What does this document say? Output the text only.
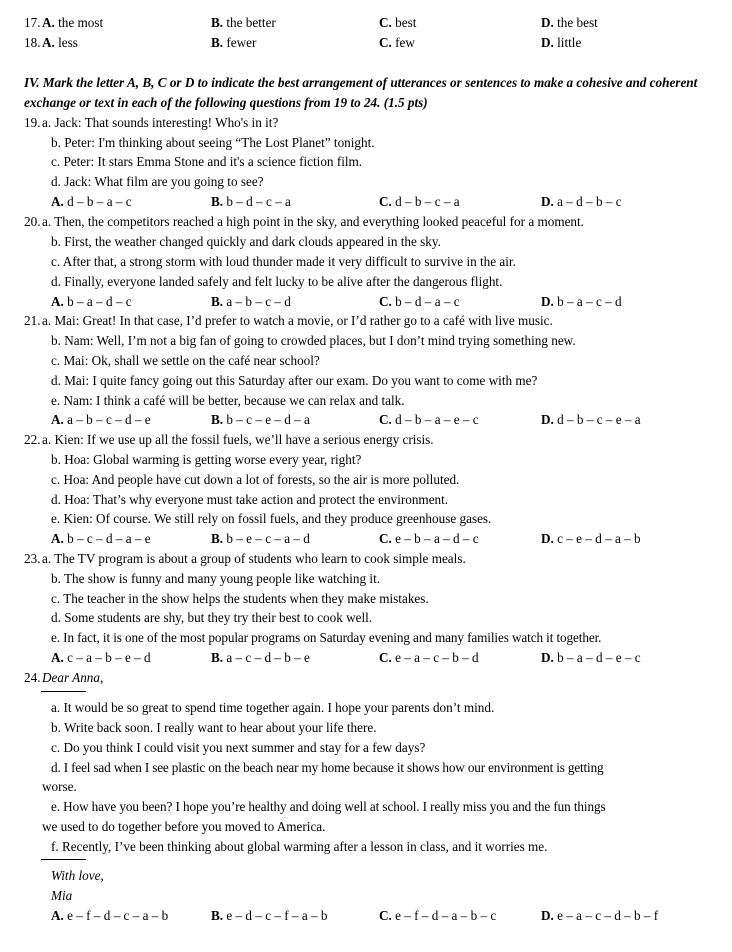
17. A. the most	B. the better	C. best	D. the best
18. A. less	B. fewer	C. few	D. little
IV. Mark the letter A, B, C or D to indicate the best arrangement of utterances or sentences to make a cohesive and coherent exchange or text in each of the following questions from 19 to 24. (1.5 pts)
19. a. Jack: That sounds interesting! Who's in it?
b. Peter: I'm thinking about seeing “The Lost Planet” tonight.
c. Peter: It stars Emma Stone and it's a science fiction film.
d. Jack: What film are you going to see?
A. d – b – a – c	B. b – d – c – a	C. d – b – c – a	D. a – d – b – c
20. a. Then, the competitors reached a high point in the sky, and everything looked peaceful for a moment.
b. First, the weather changed quickly and dark clouds appeared in the sky.
c. After that, a strong storm with loud thunder made it very difficult to survive in the air.
d. Finally, everyone landed safely and felt lucky to be alive after the dangerous flight.
A. b – a – d – c	B. a – b – c – d	C. b – d – a – c	D. b – a – c – d
21. a. Mai: Great! In that case, I’d prefer to watch a movie, or I’d rather go to a café with live music.
b. Nam: Well, I’m not a big fan of going to crowded places, but I don’t mind trying something new.
c. Mai: Ok, shall we settle on the café near school?
d. Mai: I quite fancy going out this Saturday after our exam. Do you want to come with me?
e. Nam: I think a café will be better, because we can relax and talk.
A. a – b – c – d – e	B. b – c – e – d – a	C. d – b – a – e – c	D. d – b – c – e – a
22. a. Kien: If we use up all the fossil fuels, we’ll have a serious energy crisis.
b. Hoa: Global warming is getting worse every year, right?
c. Hoa: And people have cut down a lot of forests, so the air is more polluted.
d. Hoa: That’s why everyone must take action and protect the environment.
e. Kien: Of course. We still rely on fossil fuels, and they produce greenhouse gases.
A. b – c – d – a – e	B. b – e – c – a – d	C. e – b – a – d – c	D. c – e – d – a – b
23. a. The TV program is about a group of students who learn to cook simple meals.
b. The show is funny and many young people like watching it.
c. The teacher in the show helps the students when they make mistakes.
d. Some students are shy, but they try their best to cook well.
e. In fact, it is one of the most popular programs on Saturday evening and many families watch it together.
A. c – a – b – e – d	B. a – c – d – b – e	C. e – a – c – b – d	D. b – a – d – e – c
24. Dear Anna,
a. It would be so great to spend time together again. I hope your parents don’t mind.
b. Write back soon. I really want to hear about your life there.
c. Do you think I could visit you next summer and stay for a few days?
d. I feel sad when I see plastic on the beach near my home because it shows how our environment is getting
worse.
e. How have you been? I hope you’re healthy and doing well at school. I really miss you and the fun things
we used to do together before you moved to America.
f. Recently, I’ve been thinking about global warming after a lesson in class, and it worries me.
With love,
Mia
A. e – f – d – c – a – b	B. e – d – c – f – a – b	C. e – f – d – a – b – c	D. e – a – c – d – b – f
